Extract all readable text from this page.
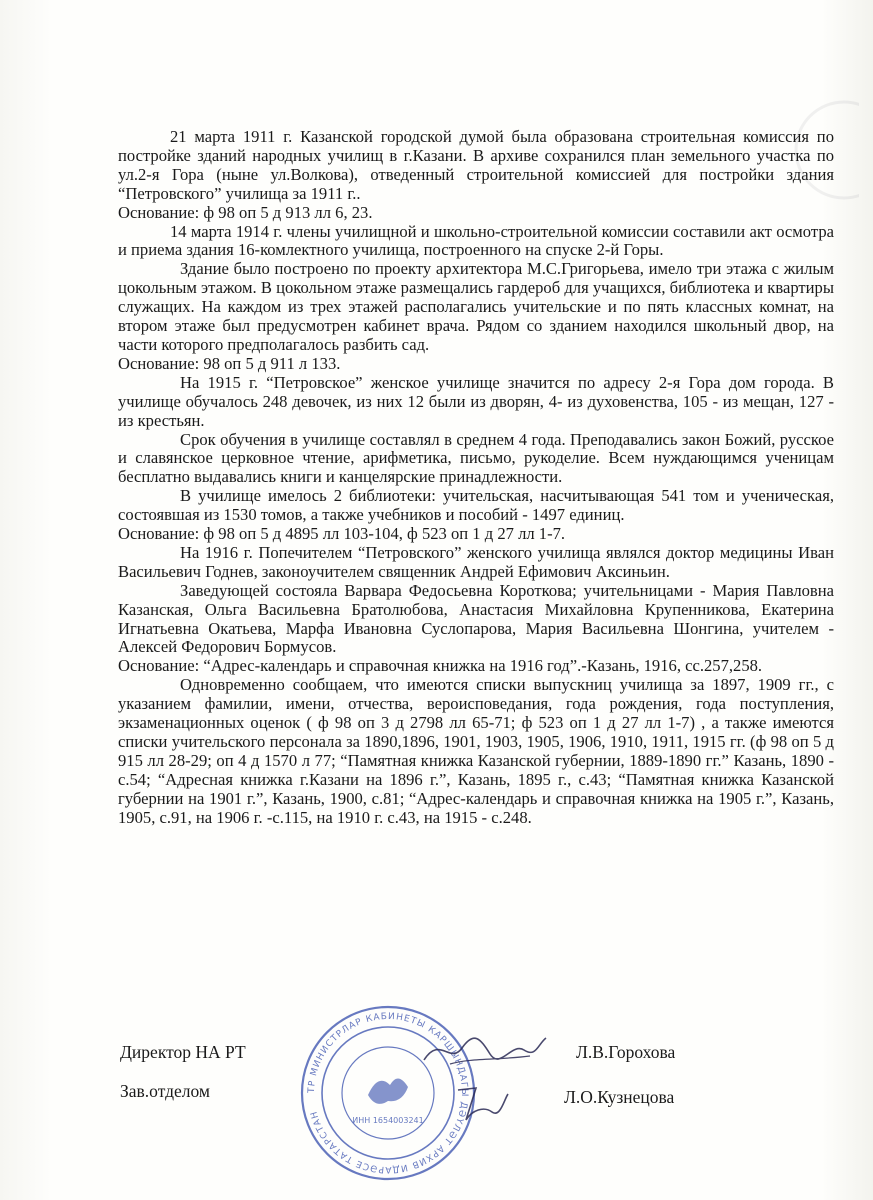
21 марта 1911 г. Казанской городской думой была образована строительная комиссия по постройке зданий народных училищ в г.Казани. В архиве сохранился план земельного участка по ул.2-я Гора (ныне ул.Волкова), отведенный строительной комиссией для постройки здания “Петровского” училища за 1911 г..

Основание: ф 98 оп 5 д 913 лл 6, 23.

14 марта 1914 г. члены училищной и школьно-строительной комиссии составили акт осмотра и приема здания 16-комлектного училища, построенного на спуске 2-й Горы.

Здание было построено по проекту архитектора М.С.Григорьева, имело три этажа с жилым цокольным этажом. В цокольном этаже размещались гардероб для учащихся, библиотека и квартиры служащих. На каждом из трех этажей располагались учительские и по пять классных комнат, на втором этаже был предусмотрен кабинет врача. Рядом со зданием находился школьный двор, на части которого предполагалось разбить сад.

Основание: 98 оп 5 д 911 л 133.

На 1915 г. “Петровское” женское училище значится по адресу 2-я Гора дом города. В училище обучалось 248 девочек, из них 12 были из дворян, 4- из духовенства, 105 - из мещан, 127 - из крестьян.

Срок обучения в училище составлял в среднем 4 года. Преподавались закон Божий, русское и славянское церковное чтение, арифметика, письмо, рукоделие. Всем нуждающимся ученицам бесплатно выдавались книги и канцелярские принадлежности.

В училище имелось 2 библиотеки: учительская, насчитывающая 541 том и ученическая, состоявшая из 1530 томов, а также учебников и пособий - 1497 единиц.

Основание: ф 98 оп 5 д 4895 лл 103-104, ф 523 оп 1 д 27 лл 1-7.

На 1916 г. Попечителем “Петровского” женского училища являлся доктор медицины Иван Васильевич Годнев, законоучителем священник Андрей Ефимович Аксиньин.

Заведующей состояла Варвара Федосьевна Короткова; учительницами - Мария Павловна Казанская, Ольга Васильевна Братолюбова, Анастасия Михайловна Крупенникова, Екатерина Игнатьевна Окатьева, Марфа Ивановна Суслопарова, Мария Васильевна Шонгина, учителем - Алексей Федорович Бормусов.

Основание: “Адрес-календарь и справочная книжка на 1916 год”.-Казань, 1916, сс.257,258.

Одновременно сообщаем, что имеются списки выпускниц училища за 1897, 1909 гг., с указанием фамилии, имени, отчества, вероисповедания, года рождения, года поступления, экзаменационных оценок ( ф 98 оп 3 д 2798 лл 65-71; ф 523 оп 1 д 27 лл 1-7) , а также имеются списки учительского персонала за 1890,1896, 1901, 1903, 1905, 1906, 1910, 1911, 1915 гг. (ф 98 оп 5 д 915 лл 28-29; оп 4 д 1570 л 77; “Памятная книжка Казанской губернии, 1889-1890 гг.” Казань, 1890 - с.54; “Адресная книжка г.Казани на 1896 г.”, Казань, 1895 г., с.43; “Памятная книжка Казанской губернии на 1901 г.”, Казань, 1900, с.81; “Адрес-календарь и справочная книжка на 1905 г.”, Казань, 1905, с.91, на 1906 г. -с.115, на 1910 г. с.43, на 1915 - с.248.

ТР МИНИСТРЛАР КАБИНЕТЫ КАРШЫНДАГЫ ДӘҮЛӘТ АРХИВ ИДАРӘСЕ ТАТАРСТАН
ИНН 1654003241
Директор НА РТ	Л.В.Горохова
Зав.отделом	Л.О.Кузнецова
